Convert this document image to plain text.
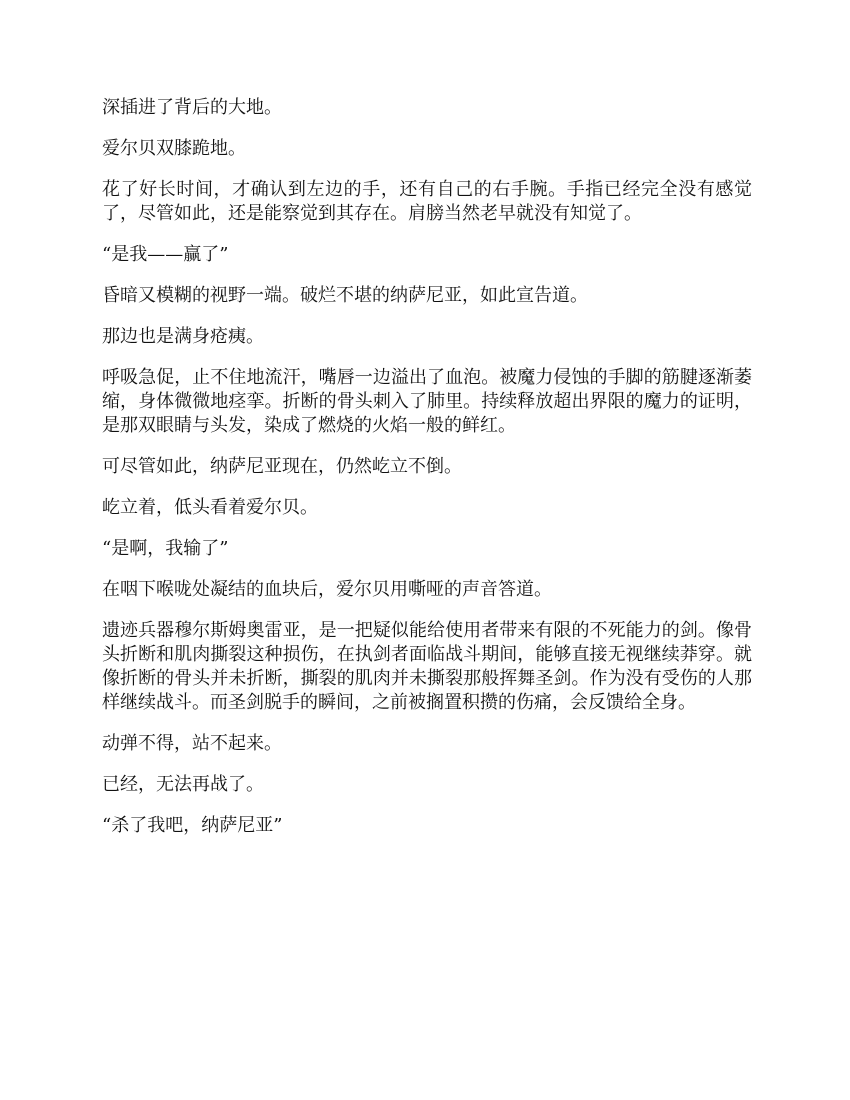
深插进了背后的大地。

爱尔贝双膝跪地。

花了好长时间，才确认到左边的手，还有自己的右手腕。手指已经完全没有感觉了，尽管如此，还是能察觉到其存在。肩膀当然老早就没有知觉了。

“是我——赢了”

昏暗又模糊的视野一端。破烂不堪的纳萨尼亚，如此宣告道。

那边也是满身疮痍。

呼吸急促，止不住地流汗，嘴唇一边溢出了血泡。被魔力侵蚀的手脚的筋腱逐渐萎缩，身体微微地痉挛。折断的骨头刺入了肺里。持续释放超出界限的魔力的证明，是那双眼睛与头发，染成了燃烧的火焰一般的鲜红。

可尽管如此，纳萨尼亚现在，仍然屹立不倒。

屹立着，低头看着爱尔贝。

“是啊，我输了”

在咽下喉咙处凝结的血块后，爱尔贝用嘶哑的声音答道。

遗迹兵器穆尔斯姆奥雷亚，是一把疑似能给使用者带来有限的不死能力的剑。像骨头折断和肌肉撕裂这种损伤，在执剑者面临战斗期间，能够直接无视继续莽穿。就像折断的骨头并未折断，撕裂的肌肉并未撕裂那般挥舞圣剑。作为没有受伤的人那样继续战斗。而圣剑脱手的瞬间，之前被搁置积攒的伤痛，会反馈给全身。

动弹不得，站不起来。

已经，无法再战了。

“杀了我吧，纳萨尼亚”
